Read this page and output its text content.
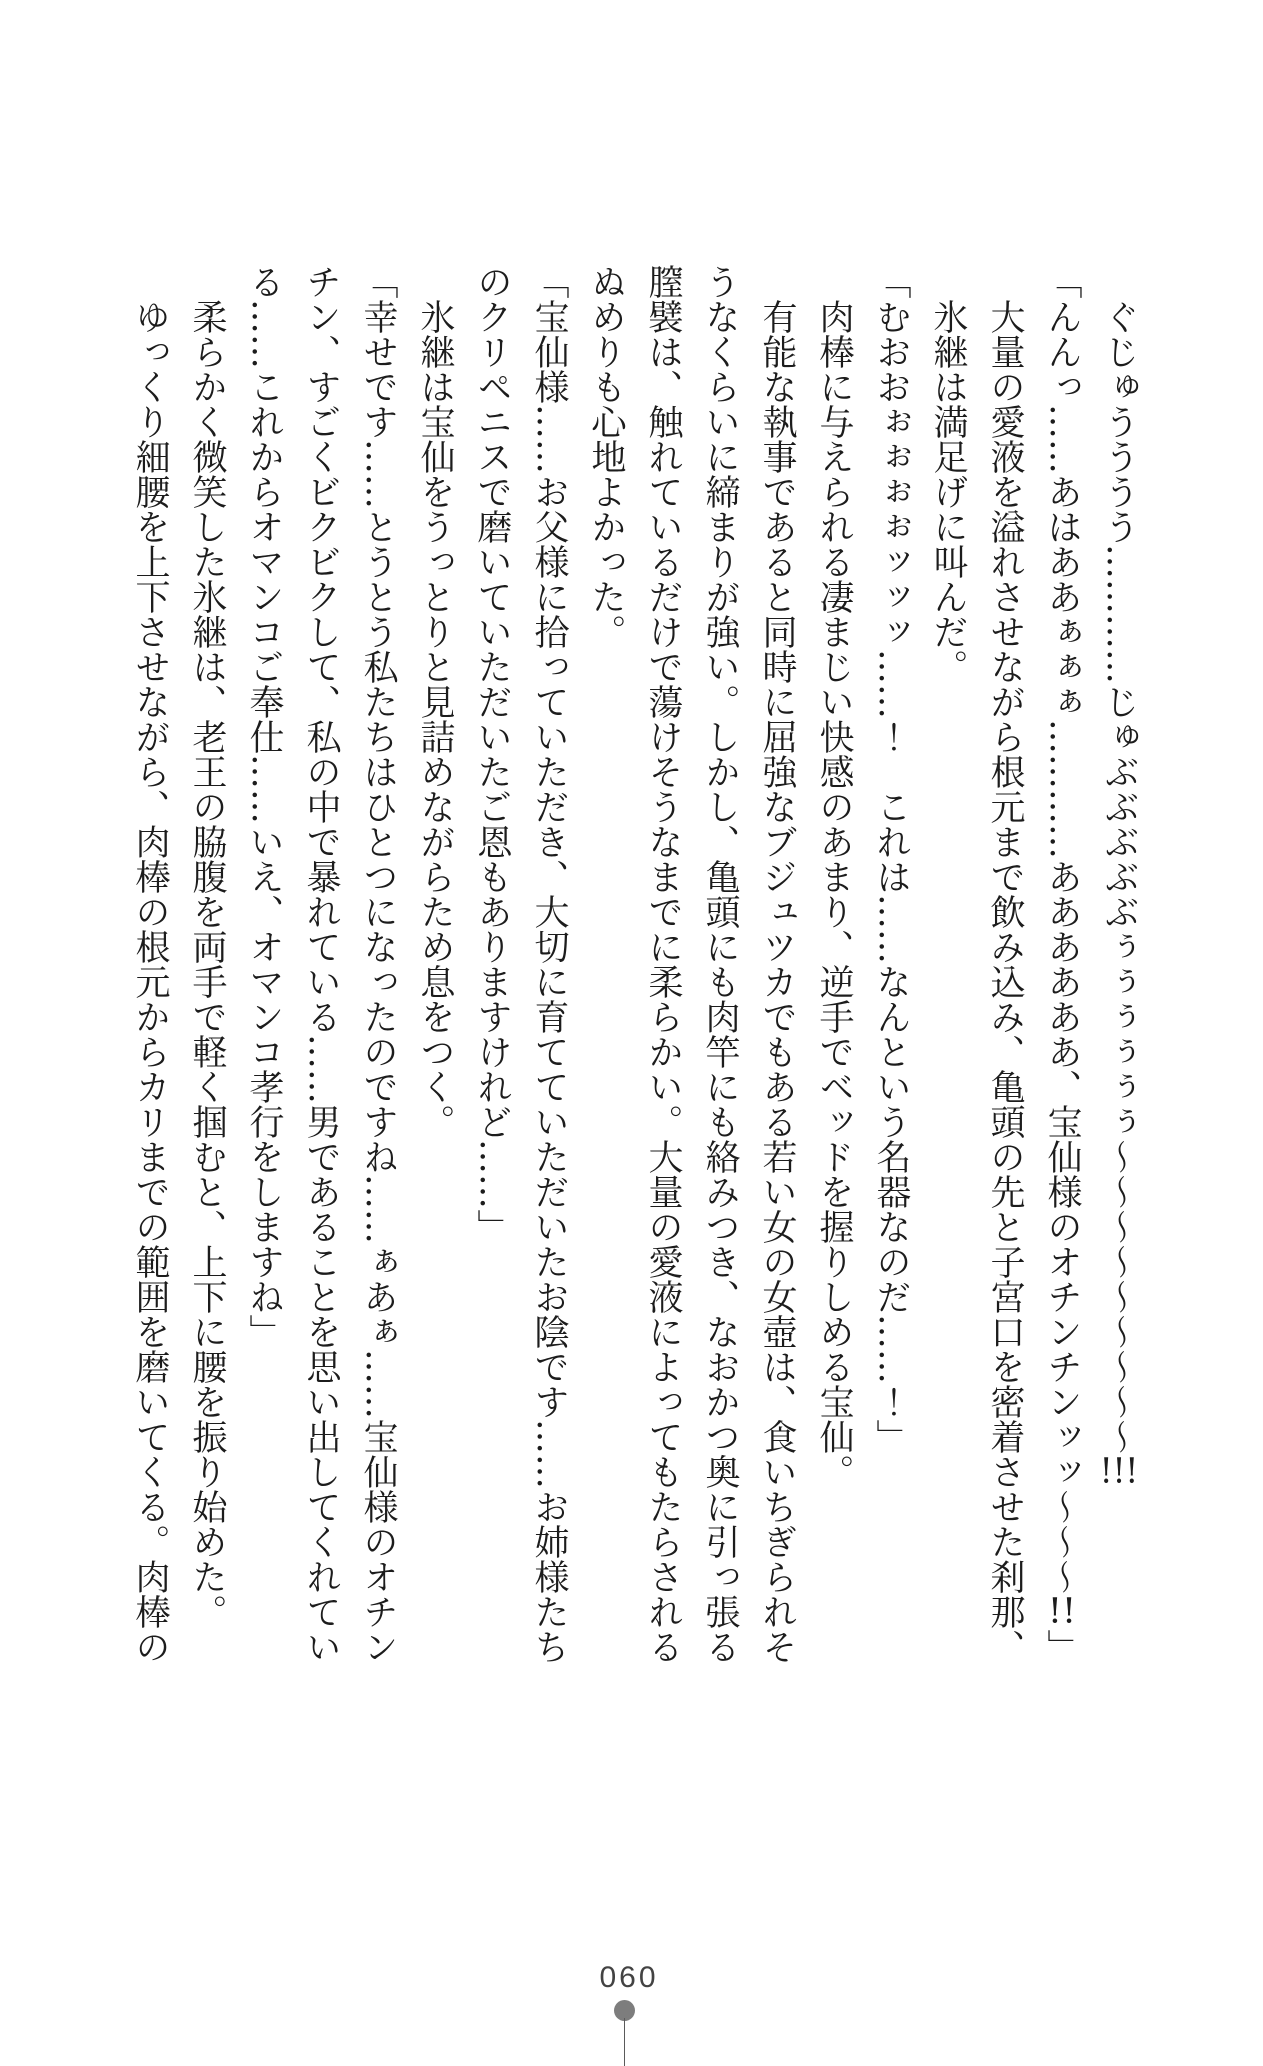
　ぐじゅうううう…………じゅぶぶぶぶぶぅぅぅぅぅぅ〜〜〜〜〜〜〜〜〜!!!

「んんっ……あはああぁぁぁ…………ああああああ、宝仙様のオチンチンッッ〜〜〜!!」

　大量の愛液を溢れさせながら根元まで飲み込み、亀頭の先と子宮口を密着させた刹那、

　氷継は満足げに叫んだ。

「むおおぉぉぉぉッッッ……！　これは……なんという名器なのだ……！」

　肉棒に与えられる凄まじい快感のあまり、逆手でベッドを握りしめる宝仙。

　有能な執事であると同時に屈強なブジュツカでもある若い女の女壺は、食いちぎられそ

うなくらいに締まりが強い。しかし、亀頭にも肉竿にも絡みつき、なおかつ奥に引っ張る

膣襞は、触れているだけで蕩けそうなまでに柔らかい。大量の愛液によってもたらされる

ぬめりも心地よかった。

「宝仙様……お父様に拾っていただき、大切に育てていただいたお陰です……お姉様たち

のクリペニスで磨いていただいたご恩もありますけれど……」

　氷継は宝仙をうっとりと見詰めながらため息をつく。

「幸せです……とうとう私たちはひとつになったのですね……ぁあぁ……宝仙様のオチン

チン、すごくビクビクして、私の中で暴れている……男であることを思い出してくれてい

る……これからオマンコご奉仕……いえ、オマンコ孝行をしますね」

　柔らかく微笑した氷継は、老王の脇腹を両手で軽く掴むと、上下に腰を振り始めた。

　ゆっくり細腰を上下させながら、肉棒の根元からカリまでの範囲を磨いてくる。肉棒の

060
